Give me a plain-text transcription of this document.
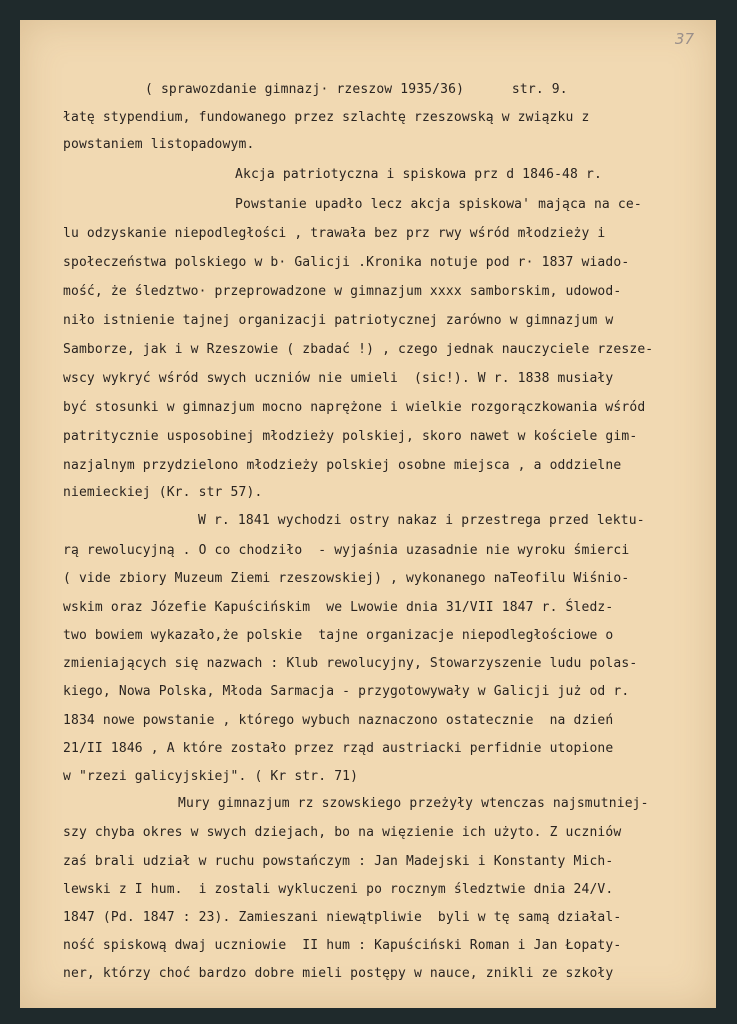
37
( sprawozdanie gimnazj· rzeszow 1935/36)      str. 9.
łatę stypendium, fundowanego przez szlachtę rzeszowską w związku z
powstaniem listopadowym.
Akcja patriotyczna i spiskowa prz d 1846-48 r.
Powstanie upadło lecz akcja spiskowa' mająca na ce-
lu odzyskanie niepodległości , trawała bez prz rwy wśród młodzieży i
społeczeństwa polskiego w b· Galicji .Kronika notuje pod r· 1837 wiado-
mość, że śledztwo· przeprowadzone w gimnazjum xxxx samborskim, udowod-
niło istnienie tajnej organizacji patriotycznej zarówno w gimnazjum w
Samborze, jak i w Rzeszowie ( zbadać !) , czego jednak nauczyciele rzesze-
wscy wykryć wśród swych uczniów nie umieli  (sic!). W r. 1838 musiały
być stosunki w gimnazjum mocno naprężone i wielkie rozgorączkowania wśród
patritycznie usposobinej młodzieży polskiej, skoro nawet w kościele gim-
nazjalnym przydzielono młodzieży polskiej osobne miejsca , a oddzielne
niemieckiej (Kr. str 57).
W r. 1841 wychodzi ostry nakaz i przestrega przed lektu-
rą rewolucyjną . O co chodziło  - wyjaśnia uzasadnie nie wyroku śmierci
( vide zbiory Muzeum Ziemi rzeszowskiej) , wykonanego naTeofilu Wiśnio-
wskim oraz Józefie Kapuścińskim  we Lwowie dnia 31/VII 1847 r. Śledz-
two bowiem wykazało,że polskie  tajne organizacje niepodległościowe o
zmieniających się nazwach : Klub rewolucyjny, Stowarzyszenie ludu polas-
kiego, Nowa Polska, Młoda Sarmacja - przygotowywały w Galicji już od r.
1834 nowe powstanie , którego wybuch naznaczono ostatecznie  na dzień
21/II 1846 , A które zostało przez rząd austriacki perfidnie utopione
w "rzezi galicyjskiej". ( Kr str. 71)
Mury gimnazjum rz szowskiego przeżyły wtenczas najsmutniej-
szy chyba okres w swych dziejach, bo na więzienie ich użyto. Z uczniów
zaś brali udział w ruchu powstańczym : Jan Madejski i Konstanty Mich-
lewski z I hum.  i zostali wykluczeni po rocznym śledztwie dnia 24/V.
1847 (Pd. 1847 : 23). Zamieszani niewątpliwie  byli w tę samą działal-
ność spiskową dwaj uczniowie  II hum : Kapuściński Roman i Jan Łopaty-
ner, którzy choć bardzo dobre mieli postępy w nauce, znikli ze szkoły
